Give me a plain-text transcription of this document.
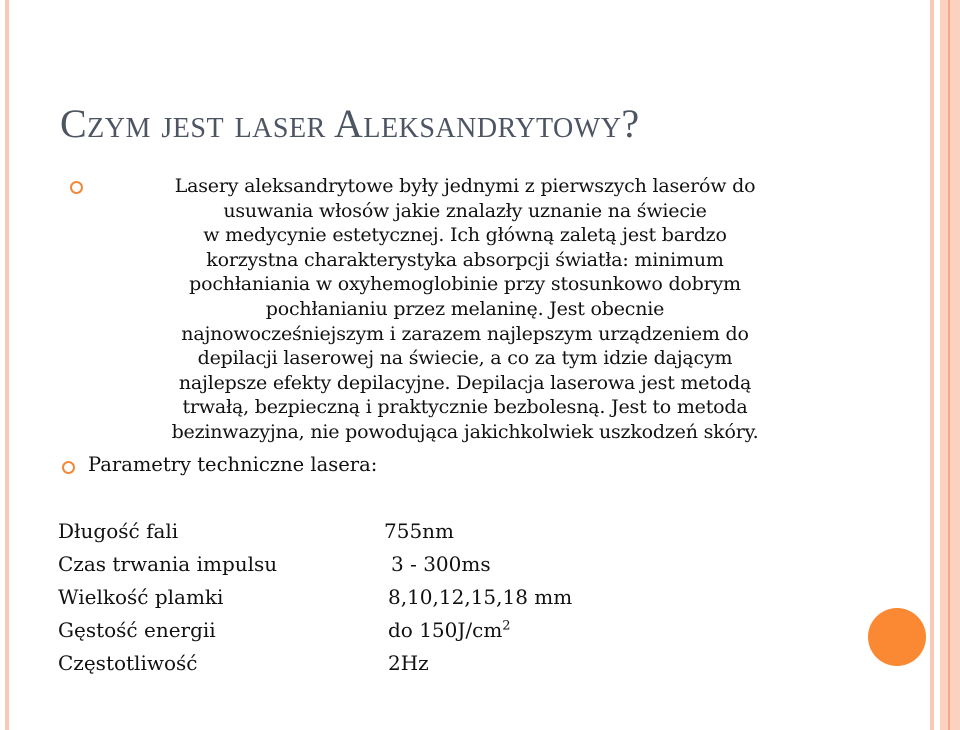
Czym jest laser Aleksandrytowy?
Lasery aleksandrytowe były jednymi z pierwszych laserów do
usuwania włosów jakie znalazły uznanie na świecie
w medycynie estetycznej. Ich główną zaletą jest bardzo
korzystna charakterystyka absorpcji światła: minimum
pochłaniania w oxyhemoglobinie przy stosunkowo dobrym
pochłanianiu przez melaninę. Jest obecnie
najnowocześniejszym i zarazem najlepszym urządzeniem do
depilacji laserowej na świecie, a co za tym idzie dającym
najlepsze efekty depilacyjne. Depilacja laserowa jest metodą
trwałą, bezpieczną i praktycznie bezbolesną. Jest to metoda
bezinwazyjna, nie powodująca jakichkolwiek uszkodzeń skóry.
Parametry techniczne lasera:
Długość fali	755nm
Czas trwania impulsu	3 - 300ms
Wielkość plamki	8,10,12,15,18 mm
Gęstość energii	do $150J/cm^2$
Częstotliwość	2Hz
